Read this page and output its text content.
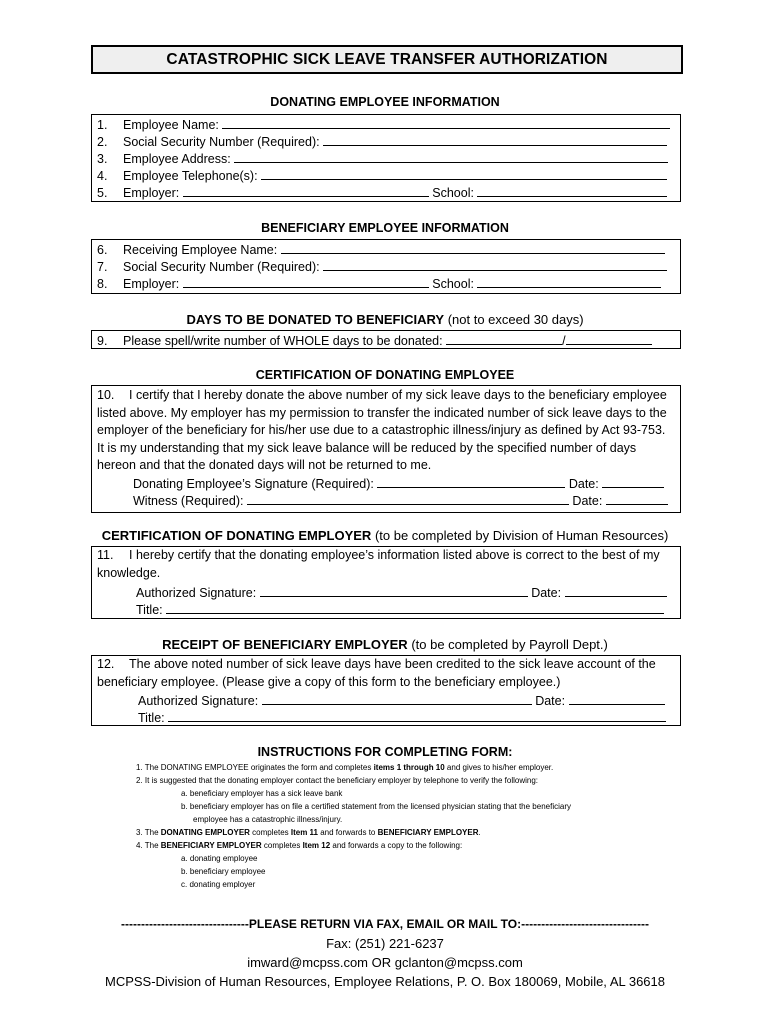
CATASTROPHIC SICK LEAVE TRANSFER AUTHORIZATION
DONATING EMPLOYEE INFORMATION
1. Employee Name:
2. Social Security Number (Required):
3. Employee Address:
4. Employee Telephone(s):
5. Employer:	School:
BENEFICIARY EMPLOYEE INFORMATION
6. Receiving Employee Name:
7. Social Security Number (Required):
8. Employer:	School:
DAYS TO BE DONATED TO BENEFICIARY (not to exceed 30 days)
9. Please spell/write number of WHOLE days to be donated:	/
CERTIFICATION OF DONATING EMPLOYEE
10. I certify that I hereby donate the above number of my sick leave days to the beneficiary employee listed above. My employer has my permission to transfer the indicated number of sick leave days to the employer of the beneficiary for his/her use due to a catastrophic illness/injury as defined by Act 93-753. It is my understanding that my sick leave balance will be reduced by the specified number of days hereon and that the donated days will not be returned to me.
Donating Employee’s Signature (Required):	Date:
Witness (Required):	Date:
CERTIFICATION OF DONATING EMPLOYER (to be completed by Division of Human Resources)
11. I hereby certify that the donating employee’s information listed above is correct to the best of my knowledge.
Authorized Signature:	Date:
Title:
RECEIPT OF BENEFICIARY EMPLOYER (to be completed by Payroll Dept.)
12. The above noted number of sick leave days have been credited to the sick leave account of the beneficiary employee. (Please give a copy of this form to the beneficiary employee.)
Authorized Signature:	Date:
Title:
INSTRUCTIONS FOR COMPLETING FORM:
1. The DONATING EMPLOYEE originates the form and completes items 1 through 10 and gives to his/her employer.
2. It is suggested that the donating employer contact the beneficiary employer by telephone to verify the following:
a. beneficiary employer has a sick leave bank
b. beneficiary employer has on file a certified statement from the licensed physician stating that the beneficiary
employee has a catastrophic illness/injury.
3. The DONATING EMPLOYER completes Item 11 and forwards to BENEFICIARY EMPLOYER.
4. The BENEFICIARY EMPLOYER completes Item 12 and forwards a copy to the following:
a. donating employee
b. beneficiary employee
c. donating employer
--------------------------------PLEASE RETURN VIA FAX, EMAIL OR MAIL TO:--------------------------------
Fax: (251) 221-6237
imward@mcpss.com OR gclanton@mcpss.com
MCPSS-Division of Human Resources, Employee Relations, P. O. Box 180069, Mobile, AL 36618
